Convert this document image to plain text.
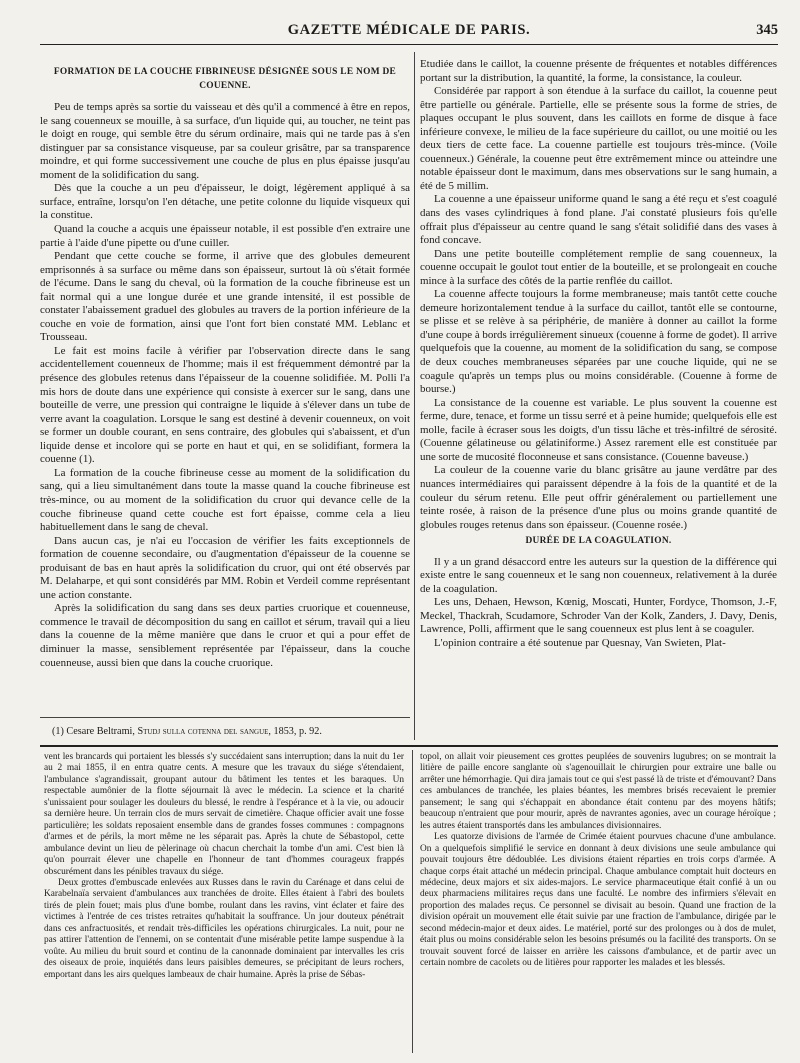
GAZETTE MÉDICALE DE PARIS.	345

FORMATION DE LA COUCHE FIBRINEUSE DÉSIGNÉE SOUS LE NOM DE COUENNE.

Peu de temps après sa sortie du vaisseau et dès qu'il a commencé à être en repos, le sang couenneux se mouille, à sa surface, d'un liquide qui, au toucher, ne teint pas le doigt en rouge, qui semble être du sérum ordinaire, mais qui ne tarde pas à s'en distinguer par sa consistance visqueuse, par sa couleur grisâtre, par sa transparence moindre, et qui forme successivement une couche de plus en plus épaisse jusqu'au moment de la solidification du sang.

Dès que la couche a un peu d'épaisseur, le doigt, légèrement appliqué à sa surface, entraîne, lorsqu'on l'en détache, une petite colonne du liquide visqueux qui la constitue.

Quand la couche a acquis une épaisseur notable, il est possible d'en extraire une partie à l'aide d'une pipette ou d'une cuiller.

Pendant que cette couche se forme, il arrive que des globules demeurent emprisonnés à sa surface ou même dans son épaisseur, surtout là où s'était formée de l'écume. Dans le sang du cheval, où la formation de la couche fibrineuse est un fait normal qui a une longue durée et une grande intensité, il est possible de constater l'abaissement graduel des globules au travers de la portion inférieure de la couche en voie de formation, ainsi que l'ont fort bien constaté MM. Leblanc et Trousseau.

Le fait est moins facile à vérifier par l'observation directe dans le sang accidentellement couenneux de l'homme; mais il est fréquemment démontré par la présence des globules retenus dans l'épaisseur de la couenne solidifiée. M. Polli l'a mis hors de doute dans une expérience qui consiste à exercer sur le sang, dans une bouteille de verre, une pression qui contraigne le liquide à s'élever dans un tube de verre avant la coagulation. Lorsque le sang est destiné à devenir couenneux, on voit se former un double courant, en sens contraire, des globules qui s'abaissent, et d'un liquide dense et incolore qui se porte en haut et qui, en se solidifiant, formera la couenne (1).

La formation de la couche fibrineuse cesse au moment de la solidification du sang, qui a lieu simultanément dans toute la masse quand la couche fibrineuse est très-mince, ou au moment de la solidification du cruor qui devance celle de la couche fibrineuse quand cette couche est fort épaisse, comme cela a lieu habituellement dans le sang de cheval.

Dans aucun cas, je n'ai eu l'occasion de vérifier les faits exceptionnels de formation de couenne secondaire, ou d'augmentation d'épaisseur de la couenne se produisant de bas en haut après la solidification du cruor, qui ont été observés par M. Delaharpe, et qui sont considérés par MM. Robin et Verdeil comme représentant une action constante.

Après la solidification du sang dans ses deux parties cruorique et couenneuse, commence le travail de décomposition du sang en caillot et sérum, travail qui a lieu dans la couenne de la même manière que dans le cruor et qui a pour effet de diminuer la masse, sensiblement représentée par l'épaisseur, dans la couche couenneuse, aussi bien que dans la couche cruorique.

(1) Cesare Beltrami, Studj sulla cotenna del sangue, 1853, p. 92.

Etudiée dans le caillot, la couenne présente de fréquentes et notables différences portant sur la distribution, la quantité, la forme, la consistance, la couleur.

Considérée par rapport à son étendue à la surface du caillot, la couenne peut être partielle ou générale. Partielle, elle se présente sous la forme de stries, de plaques occupant le plus souvent, dans les caillots en forme de disque à face inférieure convexe, le milieu de la face supérieure du caillot, ou une moitié ou les deux tiers de cette face. La couenne partielle est toujours très-mince. (Voile couenneux.) Générale, la couenne peut être extrêmement mince ou atteindre une notable épaisseur dont le maximum, dans mes observations sur le sang humain, a été de 5 millim.

La couenne a une épaisseur uniforme quand le sang a été reçu et s'est coagulé dans des vases cylindriques à fond plane. J'ai constaté plusieurs fois qu'elle offrait plus d'épaisseur au centre quand le sang s'était solidifié dans des vases à fond concave.

Dans une petite bouteille complétement remplie de sang couenneux, la couenne occupait le goulot tout entier de la bouteille, et se prolongeait en couche mince à la surface des côtés de la partie renflée du caillot.

La couenne affecte toujours la forme membraneuse; mais tantôt cette couche demeure horizontalement tendue à la surface du caillot, tantôt elle se contourne, se plisse et se relève à sa périphérie, de manière à donner au caillot la forme d'une coupe à bords irrégulièrement sinueux (couenne à forme de godet). Il arrive quelquefois que la couenne, au moment de la solidification du sang, se compose de deux couches membraneuses séparées par une couche liquide, qui ne se coagule qu'après un temps plus ou moins considérable. (Couenne à forme de bourse.)

La consistance de la couenne est variable. Le plus souvent la couenne est ferme, dure, tenace, et forme un tissu serré et à peine humide; quelquefois elle est molle, facile à écraser sous les doigts, d'un tissu lâche et très-infiltré de sérosité. (Couenne gélatineuse ou gélatiniforme.) Assez rarement elle est constituée par une sorte de mucosité floconneuse et sans consistance. (Couenne baveuse.)

La couleur de la couenne varie du blanc grisâtre au jaune verdâtre par des nuances intermédiaires qui paraissent dépendre à la fois de la quantité et de la couleur du sérum retenu. Elle peut offrir généralement ou partiellement une teinte rosée, à raison de la présence d'une plus ou moins grande quantité de globules rouges retenus dans son épaisseur. (Couenne rosée.)

DURÉE DE LA COAGULATION.

Il y a un grand désaccord entre les auteurs sur la question de la différence qui existe entre le sang couenneux et le sang non couenneux, relativement à la durée de la coagulation.

Les uns, Dehaen, Hewson, Kœnig, Moscati, Hunter, Fordyce, Thomson, J.-F, Meckel, Thackrah, Scudamore, Schroder Van der Kolk, Zanders, J. Davy, Denis, Lawrence, Polli, affirment que le sang couenneux est plus lent à se coaguler.

L'opinion contraire a été soutenue par Quesnay, Van Swieten, Plat-

vent les brancards qui portaient les blessés s'y succédaient sans interruption; dans la nuit du 1er au 2 mai 1855, il en entra quatre cents. A mesure que les travaux du siége s'étendaient, l'ambulance s'agrandissait, groupant autour du bâtiment les tentes et les baraques. Un respectable aumônier de la flotte séjournait là avec le médecin. La science et la charité s'unissaient pour soulager les douleurs du blessé, le rendre à l'espérance et à la vie, ou adoucir sa dernière heure. Un terrain clos de murs servait de cimetière. Chaque officier avait une fosse particulière; les soldats reposaient ensemble dans de grandes fosses communes : compagnons d'armes et de périls, la mort même ne les séparait pas. Après la chute de Sébastopol, cette ambulance devint un lieu de pèlerinage où chacun cherchait la tombe d'un ami. C'est bien là qu'on pourrait élever une chapelle en l'honneur de tant d'hommes courageux frappés obscurément dans les pénibles travaux du siége.

Deux grottes d'embuscade enlevées aux Russes dans le ravin du Carénage et dans celui de Karabelnaïa servaient d'ambulances aux tranchées de droite. Elles étaient à l'abri des boulets tirés de plein fouet; mais plus d'une bombe, roulant dans les ravins, vint éclater et faire des victimes à l'entrée de ces tristes retraites qu'habitait la souffrance. Un jour douteux pénétrait dans ces anfractuosités, et rendait très-difficiles les opérations chirurgicales. La nuit, pour ne pas attirer l'attention de l'ennemi, on se contentait d'une misérable petite lampe suspendue à la voûte. Au milieu du bruit sourd et continu de la canonnade dominaient par intervalles les cris des oiseaux de proie, inquiétés dans leurs paisibles demeures, se précipitant de leurs rochers, emportant dans les airs quelques lambeaux de chair humaine. Après la prise de Sébas-

topol, on allait voir pieusement ces grottes peuplées de souvenirs lugubres; on se montrait la litière de paille encore sanglante où s'agenouillait le chirurgien pour extraire une balle ou arrêter une hémorrhagie. Qui dira jamais tout ce qui s'est passé là de triste et d'émouvant? Dans ces ambulances de tranchée, les plaies béantes, les membres brisés recevaient le premier pansement; le sang qui s'échappait en abondance était contenu par des moyens hâtifs; beaucoup n'entraient que pour mourir, après de navrantes agonies, avec un courage héroïque ; les autres étaient transportés dans les ambulances divisionnaires.

Les quatorze divisions de l'armée de Crimée étaient pourvues chacune d'une ambulance. On a quelquefois simplifié le service en donnant à deux divisions une seule ambulance qui pouvait toujours être dédoublée. Les divisions étaient réparties en trois corps d'armée. A chaque corps était attaché un médecin principal. Chaque ambulance comptait huit docteurs en médecine, deux majors et six aides-majors. Le service pharmaceutique était confié à un ou deux pharmaciens militaires reçus dans une faculté. Le nombre des infirmiers s'élevait en proportion des malades reçus. Ce personnel se divisait au besoin. Quand une fraction de la division opérait un mouvement elle était suivie par une fraction de l'ambulance, dirigée par le second médecin-major et deux aides. Le matériel, porté sur des prolonges ou à dos de mulet, était plus ou moins considérable selon les besoins présumés ou la facilité des transports. On se trouvait souvent forcé de laisser en arrière les caissons d'ambulance, et de partir avec un certain nombre de cacolets ou de litières pour rapporter les malades et les blessés.
